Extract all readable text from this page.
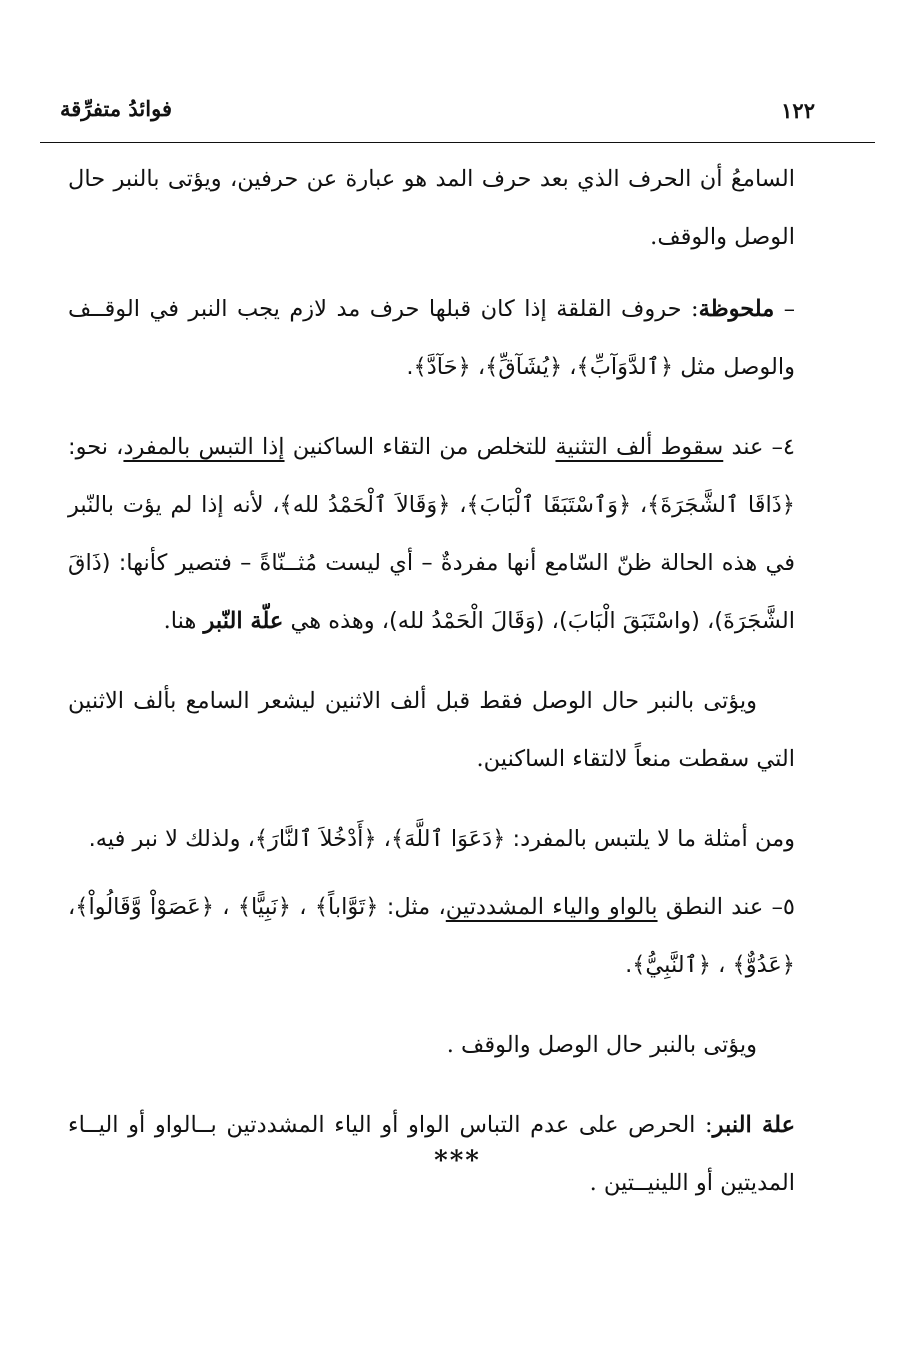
١٢٢
فوائدُ متفرِّقة

السامعُ أن الحرف الذي بعد حرف المد هو عبارة عن حرفين، ويؤتى بالنبر حال الوصل والوقف.

– ملحوظة: حروف القلقة إذا كان قبلها حرف مد لازم يجب النبر في الوقــف والوصل مثل ﴿ٱلدَّوَآبِّ﴾، ﴿يُشَآقِّ﴾، ﴿حَآدَّ﴾.

٤– عند سقوط ألف التثنية للتخلص من التقاء الساكنين إذا التبس بالمفرد، نحو: ﴿ذَاقَا ٱلشَّجَرَةَ﴾، ﴿وَٱسْتَبَقَا ٱلْبَابَ﴾، ﴿وَقَالاَ ٱلْحَمْدُ لله﴾، لأنه إذا لم يؤت بالنّبر في هذه الحالة ظنّ السّامع أنها مفردةٌ – أي ليست مُثــنّاةً – فتصير كأنها: (ذَاقَ الشَّجَرَةَ)، (واسْتَبَقَ الْبَابَ)، (وَقَالَ الْحَمْدُ لله)، وهذه هي علّة النّبر هنا.

ويؤتى بالنبر حال الوصل فقط قبل ألف الاثنين ليشعر السامع بألف الاثنين التي سقطت منعاً لالتقاء الساكنين.

ومن أمثلة ما لا يلتبس بالمفرد: ﴿دَعَوَا ٱللَّهَ﴾، ﴿أَدْخُلاَ ٱلنَّارَ﴾، ولذلك لا نبر فيه.

٥– عند النطق بالواو والياء المشددتين، مثل: ﴿تَوَّاباً﴾ ، ﴿نَبِيًّا﴾ ، ﴿عَصَوْاْ وَّقَالُواْ﴾، ﴿عَدُوٌّ﴾ ، ﴿ٱلنَّبِيُّ﴾.

ويؤتى بالنبر حال الوصل والوقف .

علة النبر: الحرص على عدم التباس الواو أو الياء المشددتين بــالواو أو اليــاء المديتين أو اللينيــتين .

***
